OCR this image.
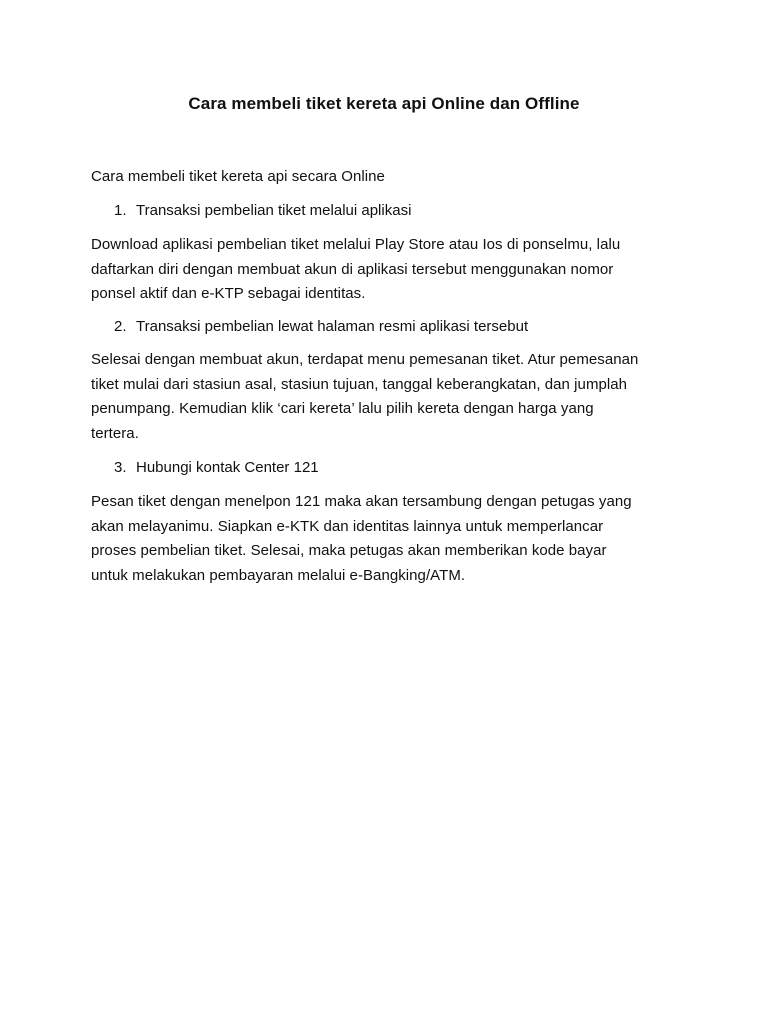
Cara membeli tiket kereta api Online dan Offline
Cara membeli tiket kereta api secara Online
1. Transaksi pembelian tiket melalui aplikasi
Download aplikasi pembelian tiket melalui Play Store atau Ios di ponselmu, lalu
daftarkan diri dengan membuat akun di aplikasi tersebut menggunakan nomor
ponsel aktif dan e-KTP sebagai identitas.
2. Transaksi pembelian lewat halaman resmi aplikasi tersebut
Selesai dengan membuat akun, terdapat menu pemesanan tiket. Atur pemesanan
tiket mulai dari stasiun asal, stasiun tujuan, tanggal keberangkatan, dan jumplah
penumpang. Kemudian klik ‘cari kereta’ lalu pilih kereta dengan harga yang
tertera.
3. Hubungi kontak Center 121
Pesan tiket dengan menelpon 121 maka akan tersambung dengan petugas yang
akan melayanimu. Siapkan e-KTK dan identitas lainnya untuk memperlancar
proses pembelian tiket. Selesai, maka petugas akan memberikan kode bayar
untuk melakukan pembayaran melalui e-Bangking/ATM.
